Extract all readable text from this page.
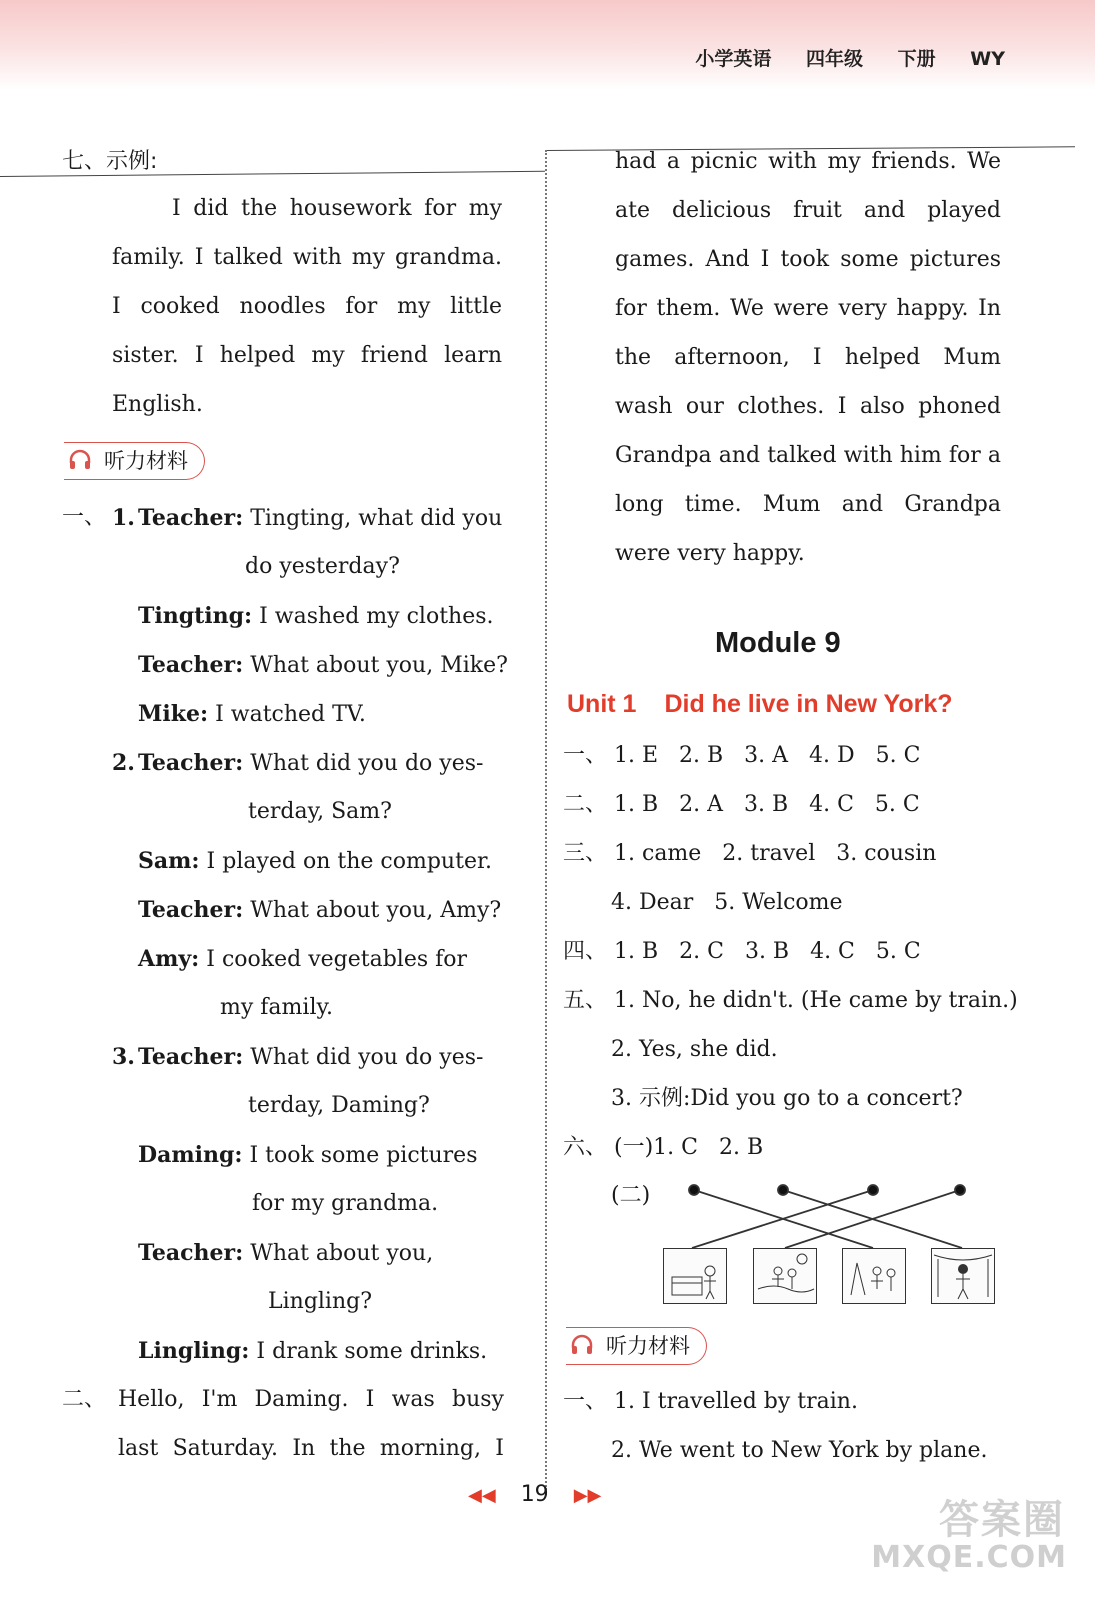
小学英语 四年级 下册 WY
七、示例:
I did the housework for my
family. I talked with my grandma.
I cooked noodles for my little
sister. I helped my friend learn
English.
听力材料
一、 1. Teacher: Tingting, what did you
do yesterday?
Tingting: I washed my clothes.
Teacher: What about you, Mike?
Mike: I watched TV.
2. Teacher: What did you do yes-
terday, Sam?
Sam: I played on the computer.
Teacher: What about you, Amy?
Amy: I cooked vegetables for
my family.
3. Teacher: What did you do yes-
terday, Daming?
Daming: I took some pictures
for my grandma.
Teacher: What about you,
Lingling?
Lingling: I drank some drinks.
二、 Hello, I'm Daming. I was busy
last Saturday. In the morning, I
had a picnic with my friends. We
ate delicious fruit and played
games. And I took some pictures
for them. We were very happy. In
the afternoon, I helped Mum
wash our clothes. I also phoned
Grandpa and talked with him for a
long time. Mum and Grandpa
were very happy.
Module 9
Unit 1 Did he live in New York?
一、 1. E   2. B   3. A   4. D   5. C
二、 1. B   2. A   3. B   4. C   5. C
三、 1. came   2. travel   3. cousin
4. Dear   5. Welcome
四、 1. B   2. C   3. B   4. C   5. C
五、 1. No, he didn't. (He came by train.)
2. Yes, she did.
3. 示例:Did you go to a concert?
六、 (一)1. C   2. B
(二)
听力材料
一、 1. I travelled by train.
2. We went to New York by plane.
◀◀ 19 ▶▶
答案圈
MXQE.COM
